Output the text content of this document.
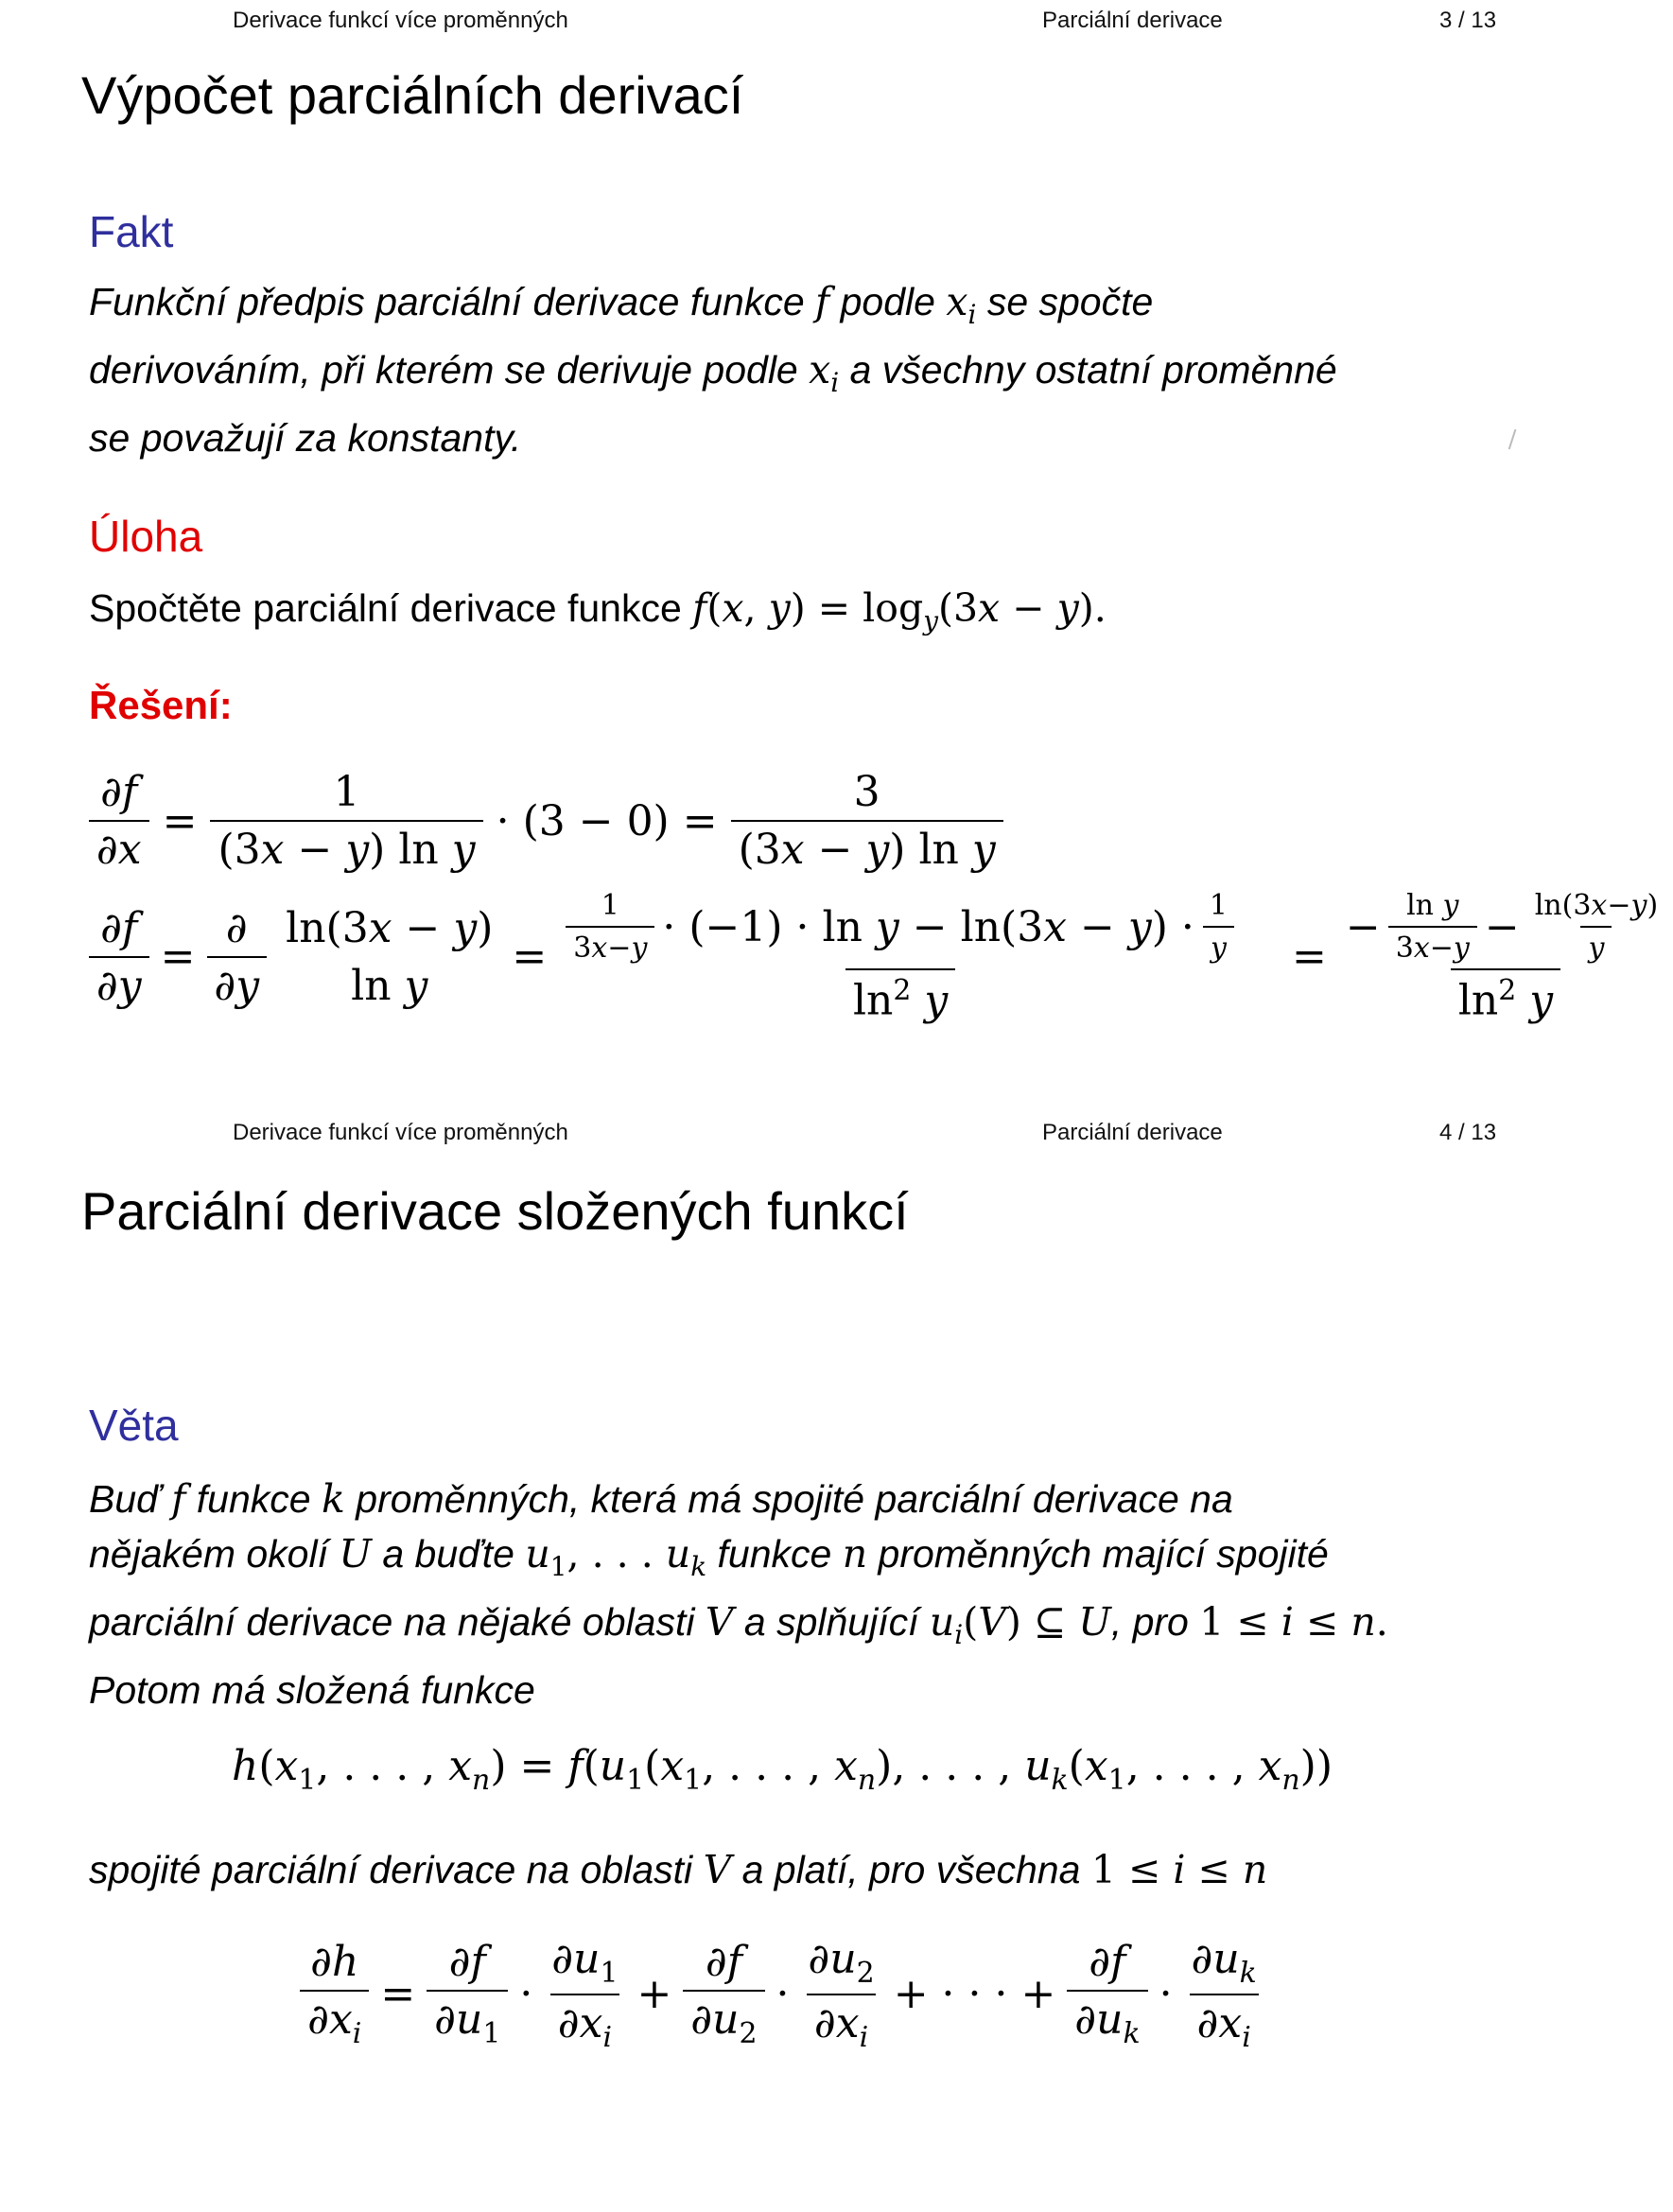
Derivace funkcí více proměnných	Parciální derivace	3 / 13
Výpočet parciálních derivací
Fakt
Funkční předpis parciální derivace funkce f podle $x_i$ se spočte
derivováním, při kterém se derivuje podle $x_i$ a všechny ostatní proměnné
se považují za konstanty.
Úloha
Spočtěte parciální derivace funkce f(x, $y) = \log_y(3x - y)$.
Řešení:
$\frac{\partial f}{\partial x} = \frac{1}{\text{(3x − y) ln y}} \cdot (3 - 0) = \frac{3}{\text{(3x − y) ln y}}$
$\frac{\partial f}{\partial y} = \frac{\partial}{\partial y} \ln(3x - y)$
ln y
= $\frac{\frac{1}{3x-y} \cdot (-1) \cdot \ln y - \ln(3x - y) \cdot \frac{1}{y}}{\ln^2 y} = \frac{- \frac{\text{ln y}}{3x-y} - \frac{\ln(3x-y)}{y}}{\ln^2 y}$
Derivace funkcí více proměnných	Parciální derivace	4 / 13
Parciální derivace složených funkcí
Věta
Buď f funkce k proměnných, která má spojité parciální derivace na
nějakém okolí U a buďte $u_1$, . . . $u_k$ funkce n proměnných mající spojité
parciální derivace na nějaké oblasti V a splňující $u_i(V)$ ⊆ U, pro 1 ≤ i ≤ n.
Potom má složená funkce
$h(x_1$, . . . , $x_n) = f(u_1(x_1$, . . . , $x_n$), . . . , $u_k(x_1$, . . . , $x_n$))
spojité parciální derivace na oblasti V a platí, pro všechna 1 ≤ i ≤ n
$\frac{\partial h}{\partial x_i} = \frac{\partial f}{\partial u_1} \cdot \frac{\partial u_1}{\partial x_i} + \frac{\partial f}{\partial u_2} \cdot \frac{\partial u_2}{\partial x_i}$ + · · · + $\frac{\partial f}{\partial u_k} \cdot \frac{\partial u_k}{\partial x_i}$
